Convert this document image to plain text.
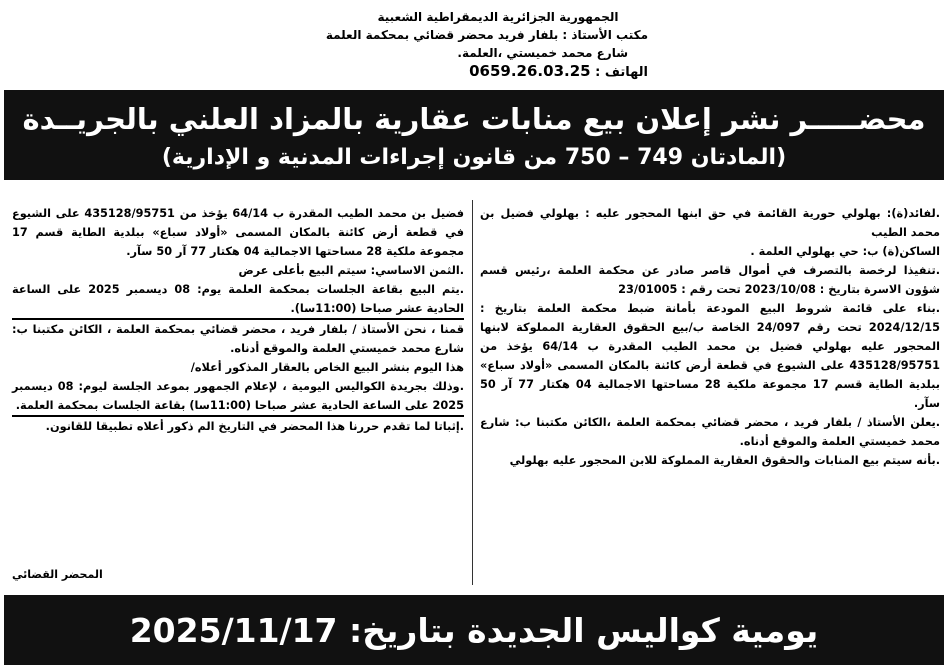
الجمهورية الجزائرية الديمقراطية الشعبية
مكتب الأستاذ : بلفار فريد محضر قضائي بمحكمة العلمة
شارع محمد خميستي ،العلمة.
الهاتف : 0659.26.03.25
محضـــــر نشر إعلان بيع منابات عقارية بالمزاد العلني بالجريــدة
(المادتان 749 – 750 من قانون إجراءات المدنية و الإدارية)

.لفائد(ة): بهلولي حورية القائمة في حق ابنها المحجور عليه : بهلولي فضيل بن محمد الطيب

الساكن(ة) ب: حي بهلولي العلمة .

.تنفيذا لرخصة بالتصرف في أموال قاصر صادر عن محكمة العلمة ،رئيس قسم شؤون الاسرة بتاريخ : 2023/10/08 تحت رقم : 23/01005

.بناء على قائمة شروط البيع المودعة بأمانة ضبط محكمة العلمة بتاريخ : 2024/12/15 تحت رقم 24/097 الخاصة ب/بيع الحقوق العقارية المملوكة لابنها المحجور عليه بهلولي فضيل بن محمد الطيب المقدرة ب 64/14 يؤخذ من 435128/95751 على الشيوع في قطعة أرض كائنة بالمكان المسمى «أولاد سباع» ببلدية الطاية قسم 17 مجموعة ملكية 28 مساحتها الاجمالية 04 هكتار 77 آر 50 سآر.

.يعلن الأستاذ / بلفار فريد ، محضر قضائي بمحكمة العلمة ،الكائن مكتبنا ب: شارع محمد خميستي العلمة والموقع أدناه.

.بأنه سيتم بيع المنابات والحقوق العقارية المملوكة للابن المحجور عليه بهلولي

فضيل بن محمد الطيب المقدرة ب 64/14 يؤخذ من 435128/95751 على الشيوع في قطعة أرض كائنة بالمكان المسمى «أولاد سباع» ببلدية الطاية قسم 17 مجموعة ملكية 28 مساحتها الاجمالية 04 هكتار 77 آر 50 سآر.

.الثمن الاساسي: سيتم البيع بأعلى عرض

.يتم البيع بقاعة الجلسات بمحكمة العلمة يوم: 08 ديسمبر 2025 على الساعة الحادية عشر صباحا (11:00سا).

قمنا ، نحن الأستاذ / بلفار فريد ، محضر قضائي بمحكمة العلمة ، الكائن مكتبنا ب: شارع محمد خميستي العلمة والموقع أدناه.

هذا اليوم بنشر البيع الخاص بالعقار المذكور أعلاه/

.وذلك بجريدة الكواليس اليومية ، لإعلام الجمهور بموعد الجلسة ليوم: 08 ديسمبر 2025 على الساعة الحادية عشر صباحا (11:00سا) بقاعة الجلسات بمحكمة العلمة.

.إثباتا لما تقدم حررنا هذا المحضر في التاريخ الم ذكور أعلاه تطبيقا للقانون.

المحضر القضائي
يومية كواليس الجديدة بتاريخ: 2025/11/17
